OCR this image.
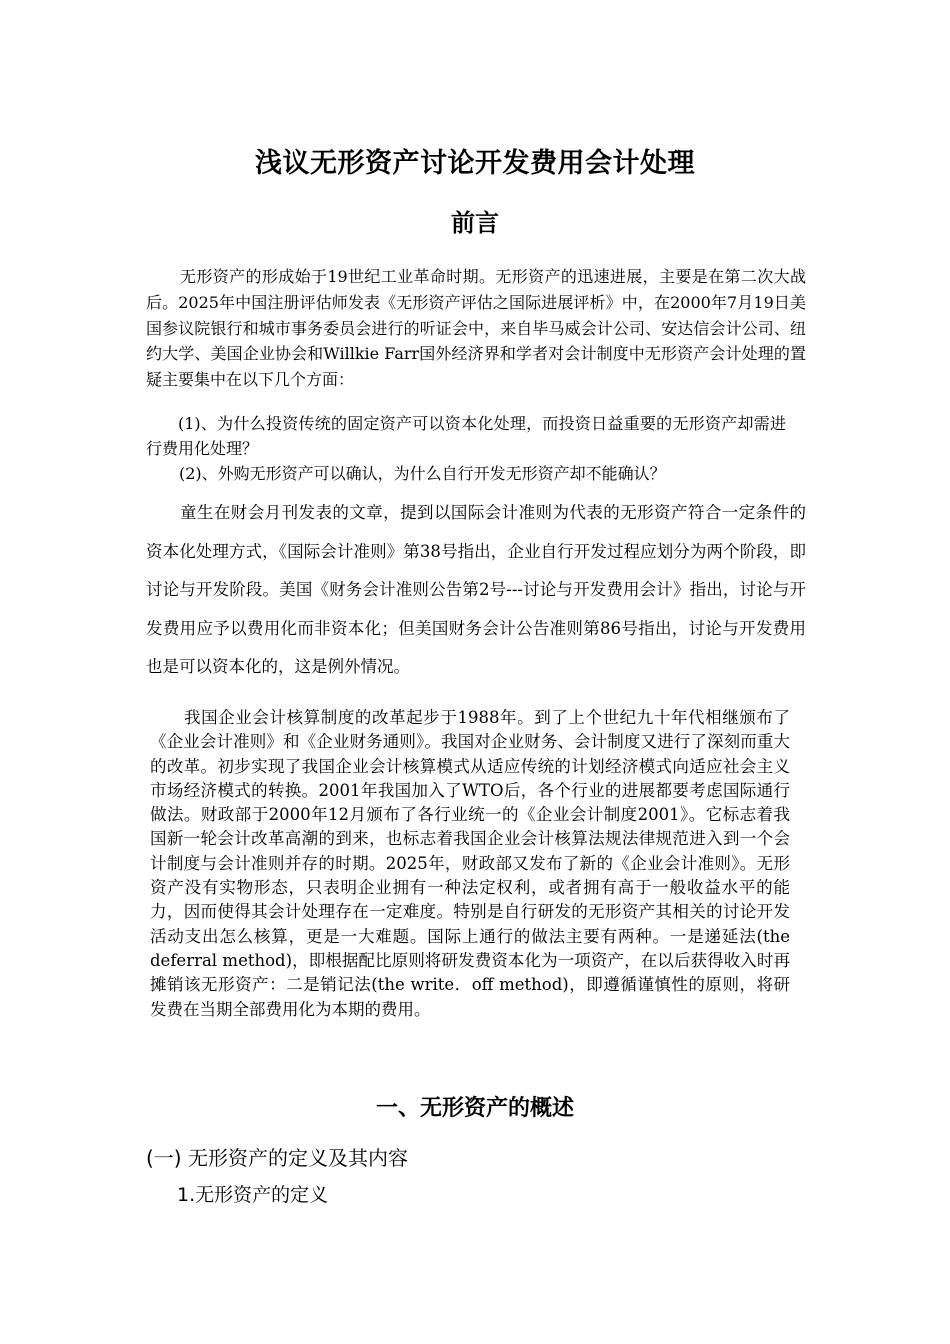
浅议无形资产讨论开发费用会计处理
前言

无形资产的形成始于19世纪工业革命时期。无形资产的迅速进展，主要是在第二次大战后。2025年中国注册评估师发表《无形资产评估之国际进展评析》中，在2000年7月19日美国参议院银行和城市事务委员会进行的听证会中，来自毕马威会计公司、安达信会计公司、纽约大学、美国企业协会和Willkie Farr国外经济界和学者对会计制度中无形资产会计处理的置疑主要集中在以下几个方面：

(1)、为什么投资传统的固定资产可以资本化处理，而投资日益重要的无形资产却需进行费用化处理？

(2)、外购无形资产可以确认，为什么自行开发无形资产却不能确认？

童生在财会月刊发表的文章，提到以国际会计准则为代表的无形资产符合一定条件的资本化处理方式，《国际会计准则》第38号指出，企业自行开发过程应划分为两个阶段，即讨论与开发阶段。美国《财务会计准则公告第2号---讨论与开发费用会计》指出，讨论与开发费用应予以费用化而非资本化；但美国财务会计公告准则第86号指出，讨论与开发费用也是可以资本化的，这是例外情况。

我国企业会计核算制度的改革起步于1988年。到了上个世纪九十年代相继颁布了《企业会计准则》和《企业财务通则》。我国对企业财务、会计制度又进行了深刻而重大的改革。初步实现了我国企业会计核算模式从适应传统的计划经济模式向适应社会主义市场经济模式的转换。2001年我国加入了WTO后，各个行业的进展都要考虑国际通行做法。财政部于2000年12月颁布了各行业统一的《企业会计制度2001》。它标志着我国新一轮会计改革高潮的到来，也标志着我国企业会计核算法规法律规范进入到一个会计制度与会计准则并存的时期。2025年，财政部又发布了新的《企业会计准则》。无形资产没有实物形态，只表明企业拥有一种法定权利，或者拥有高于一般收益水平的能力，因而使得其会计处理存在一定难度。特别是自行研发的无形资产其相关的讨论开发活动支出怎么核算，更是一大难题。国际上通行的做法主要有两种。一是递延法(the deferral method)，即根据配比原则将研发费资本化为一项资产，在以后获得收入时再摊销该无形资产：二是销记法(the write．off method)，即遵循谨慎性的原则，将研发费在当期全部费用化为本期的费用。

一、无形资产的概述
(一) 无形资产的定义及其内容
1.无形资产的定义
